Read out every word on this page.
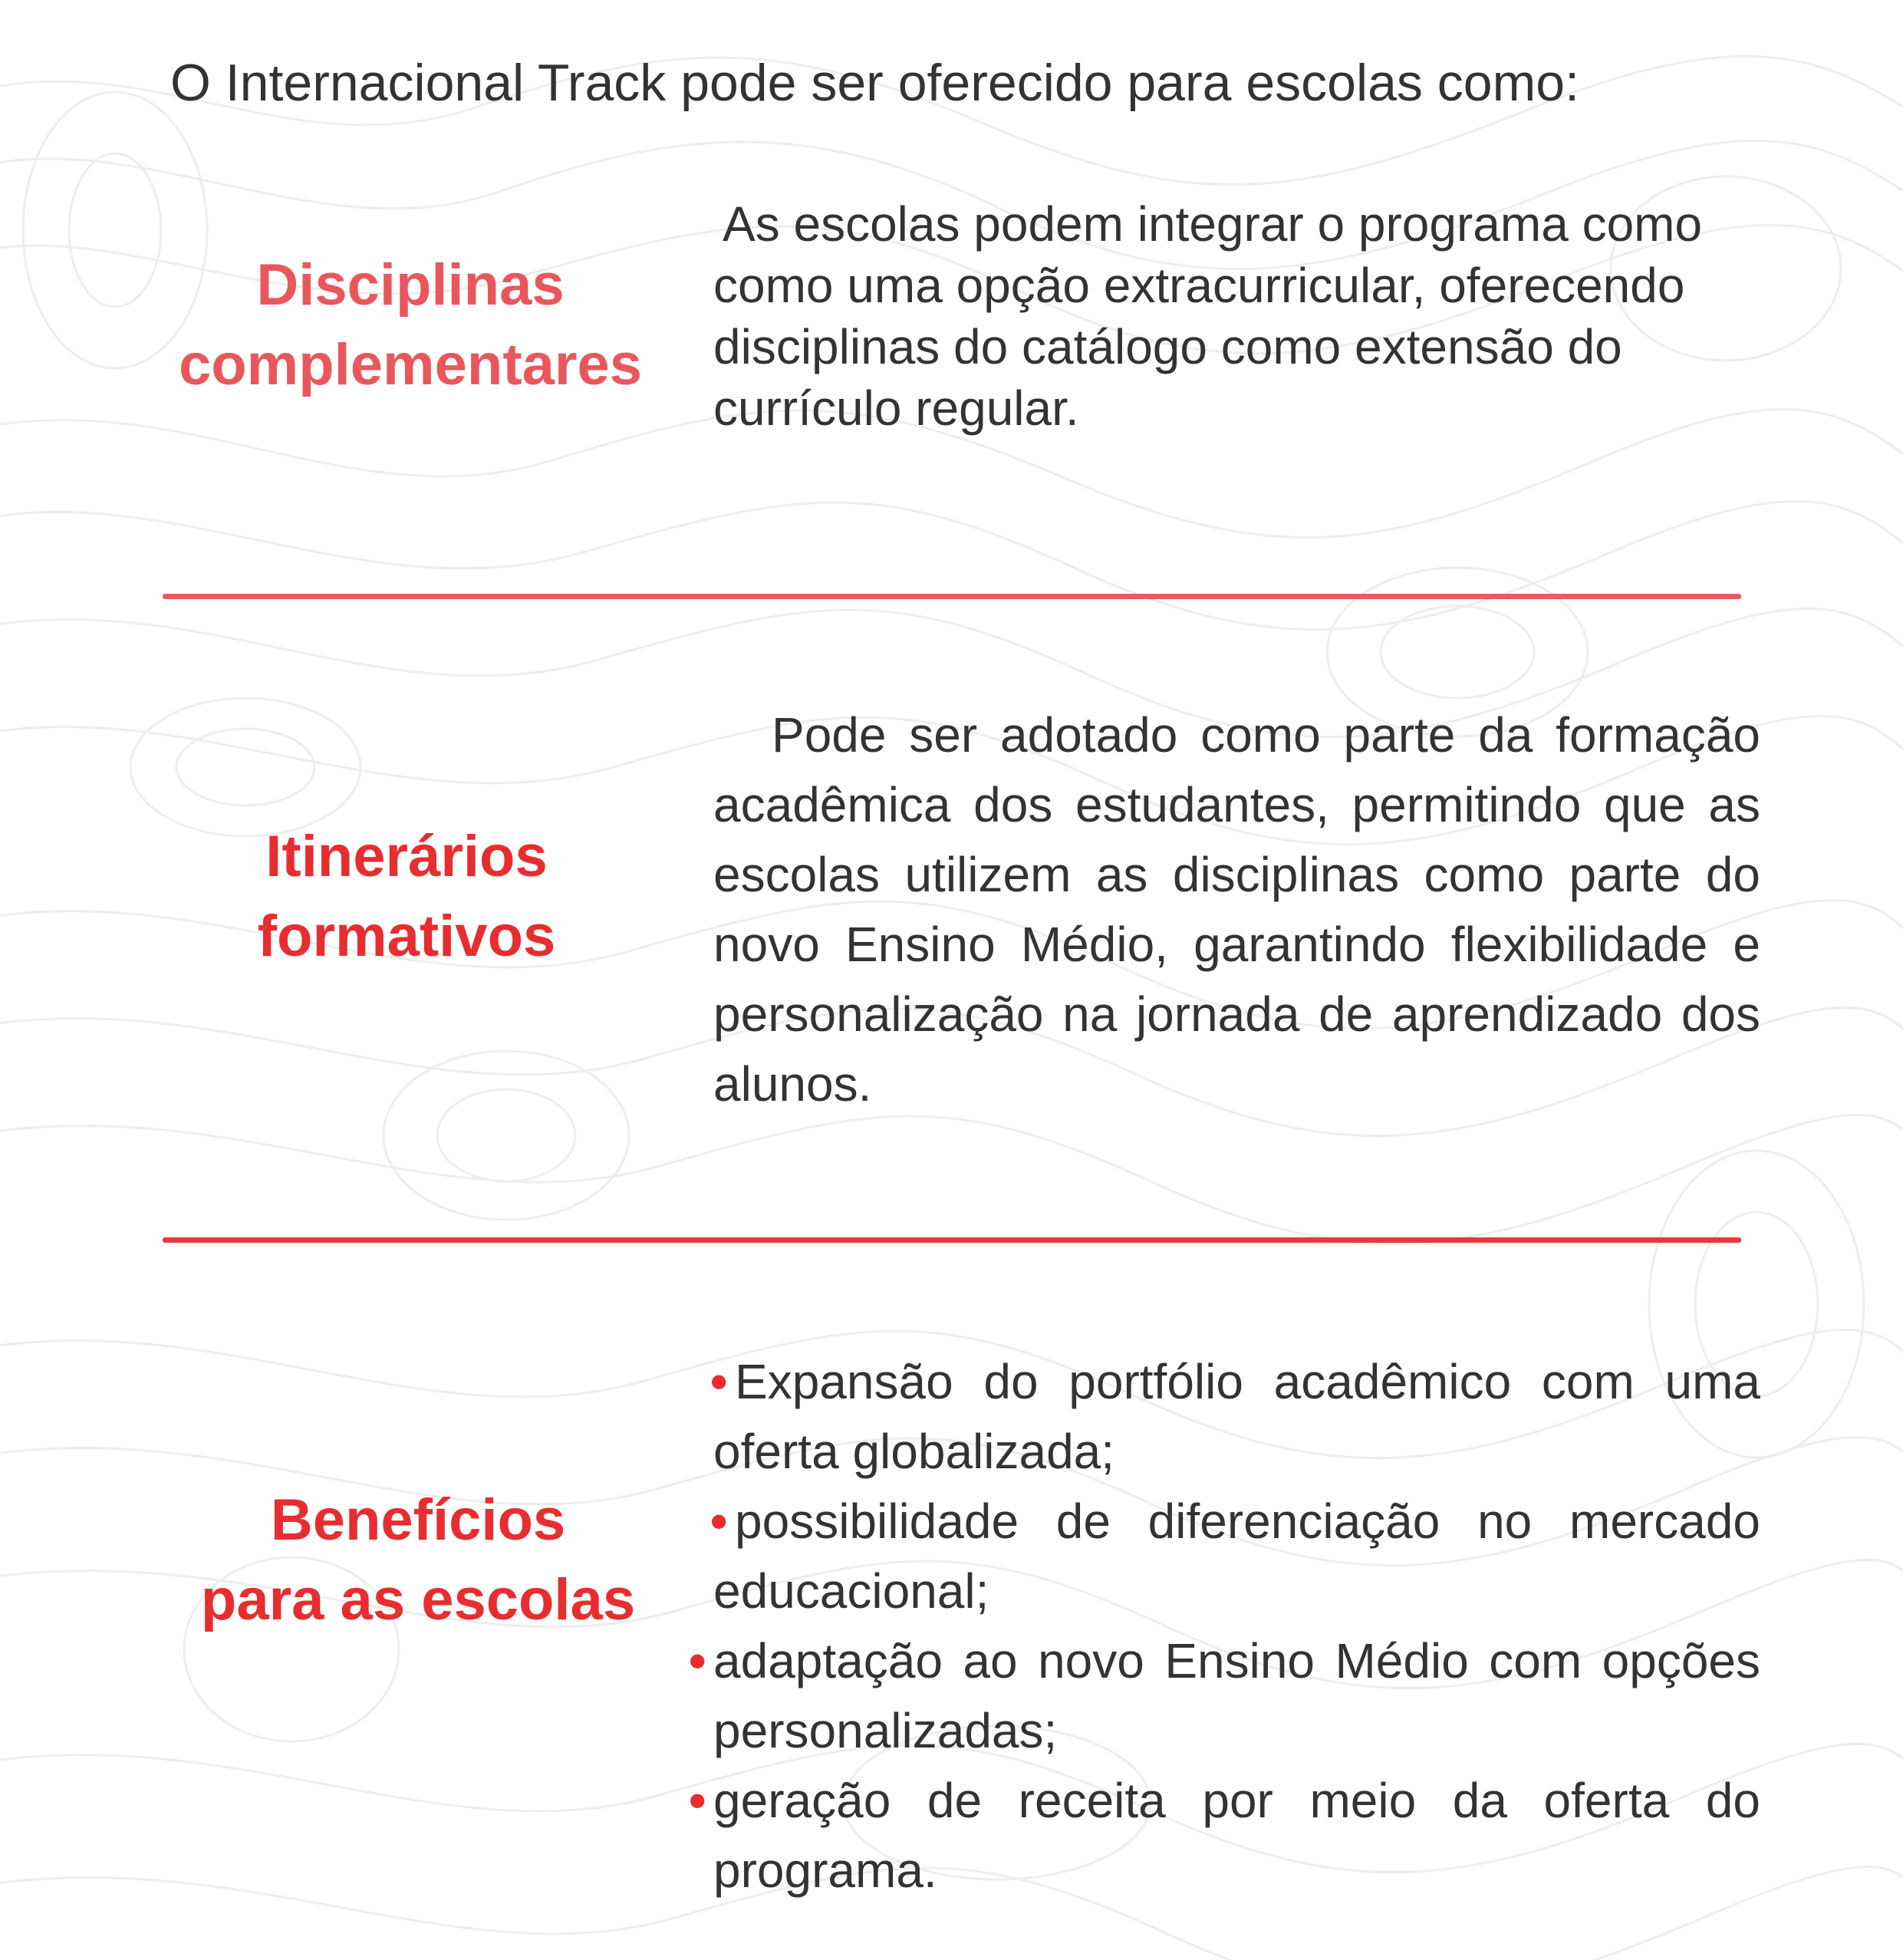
O Internacional Track pode ser oferecido para escolas como:
Disciplinas
complementares
As escolas podem integrar o programa como como uma opção extracurricular, oferecendo disciplinas do catálogo como extensão do currículo regular.
Itinerários
formativos
Pode ser adotado como parte da formação acadêmica dos estudantes, permitindo que as escolas utilizem as disciplinas como parte do novo Ensino Médio, garantindo flexibilidade e personalização na jornada de aprendizado dos alunos.
Benefícios
para as escolas
• Expansão do portfólio acadêmico com uma oferta globalizada;
• possibilidade de diferenciação no mercado educacional;
• adaptação ao novo Ensino Médio com opções personalizadas;
• geração de receita por meio da oferta do programa.
